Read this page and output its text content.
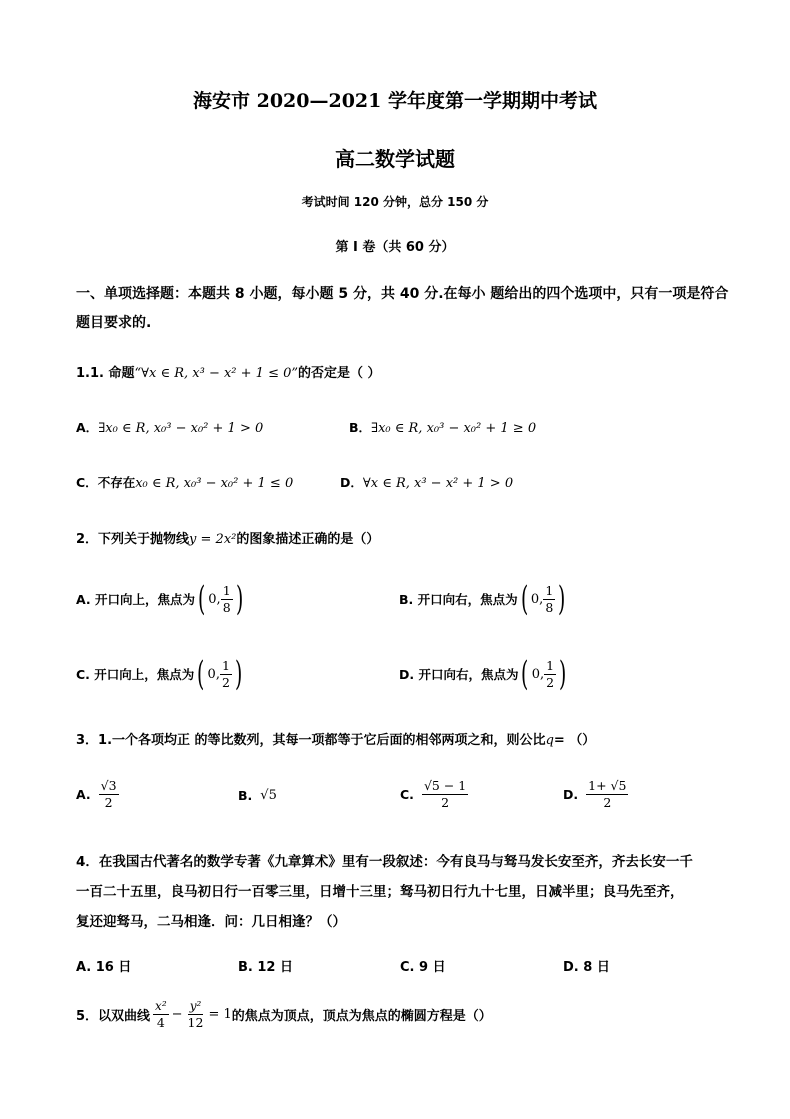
海安市 2020—2021 学年度第一学期期中考试
高二数学试题
考试时间 120 分钟，总分 150 分
第 I 卷（共 60 分）
一、单项选择题：本题共 8 小题，每小题 5 分，共 40 分.在每小 题给出的四个选项中，只有一项是符合
题目要求的.
1.1. 命题“∀x ∈ R, x³ − x² + 1 ≤ 0”的否定是（ ）
A．∃x₀ ∈ R, x₀³ − x₀² + 1 > 0	B．∃x₀ ∈ R, x₀³ − x₀² + 1 ≥ 0
C．不存在x₀ ∈ R, x₀³ − x₀² + 1 ≤ 0	D．∀x ∈ R, x³ − x² + 1 > 0
2．下列关于抛物线y = 2x²的图象描述正确的是（）
A. 开口向上，焦点为 ( 0, $\frac{1}{8}$ )	B. 开口向右，焦点为 ( 0, $\frac{1}{8}$ )
C. 开口向上，焦点为 ( 0, $\frac{1}{2}$ )	D. 开口向右，焦点为 ( 0, $\frac{1}{2}$ )
3．1.一个各项均正 的等比数列，其每一项都等于它后面的相邻两项之和，则公比q= （）
A. $\frac{√3}{2}$	B. √5	C. $\frac{√5 - 1}{2}$	D. $\frac{1+ √5}{2}$
4．在我国古代著名的数学专著《九章算术》里有一段叙述：今有良马与驽马发长安至齐，齐去长安一千
一百二十五里，良马初日行一百零三里，日增十三里；驽马初日行九十七里，日减半里；良马先至齐，
复还迎驽马，二马相逢．问：几日相逢？（）
A. 16 日	B. 12 日	C. 9 日	D. 8 日
5．以双曲线 $\frac{\text{x²}}{4} - \frac{\text{y²}}{12} = 1$ 的焦点为顶点，顶点为焦点的椭圆方程是（）
